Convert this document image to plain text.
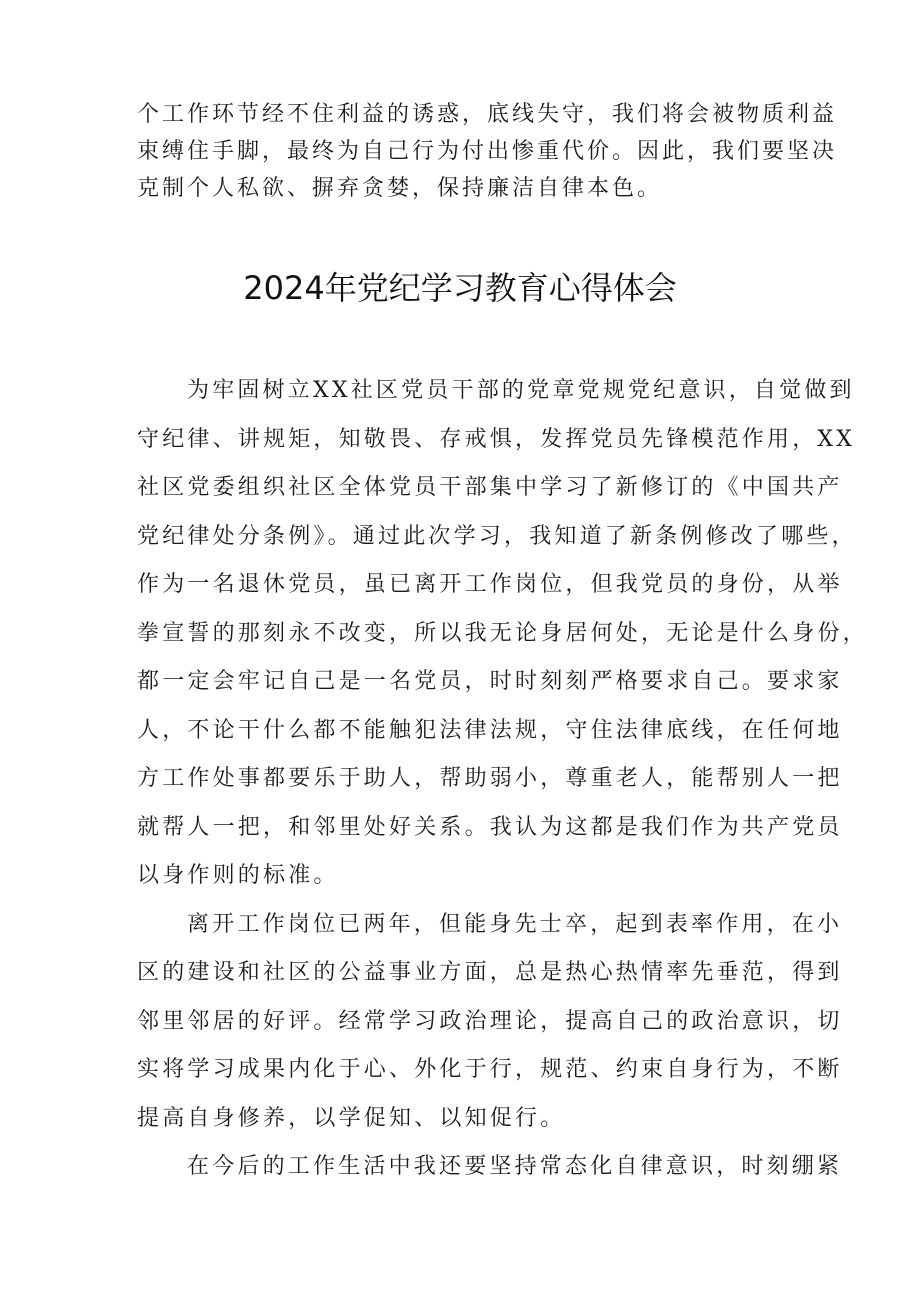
个工作环节经不住利益的诱惑，底线失守，我们将会被物质利益
束缚住手脚，最终为自己行为付出惨重代价。因此，我们要坚决
克制个人私欲、摒弃贪婪，保持廉洁自律本色。
2024年党纪学习教育心得体会
为牢固树立XX社区党员干部的党章党规党纪意识，自觉做到
守纪律、讲规矩，知敬畏、存戒惧，发挥党员先锋模范作用，XX
社区党委组织社区全体党员干部集中学习了新修订的《中国共产
党纪律处分条例》。通过此次学习，我知道了新条例修改了哪些，
作为一名退休党员，虽已离开工作岗位，但我党员的身份，从举
拳宣誓的那刻永不改变，所以我无论身居何处，无论是什么身份，
都一定会牢记自己是一名党员，时时刻刻严格要求自己。要求家
人，不论干什么都不能触犯法律法规，守住法律底线，在任何地
方工作处事都要乐于助人，帮助弱小，尊重老人，能帮别人一把
就帮人一把，和邻里处好关系。我认为这都是我们作为共产党员
以身作则的标准。
离开工作岗位已两年，但能身先士卒，起到表率作用，在小
区的建设和社区的公益事业方面，总是热心热情率先垂范，得到
邻里邻居的好评。经常学习政治理论，提高自己的政治意识，切
实将学习成果内化于心、外化于行，规范、约束自身行为，不断
提高自身修养，以学促知、以知促行。
在今后的工作生活中我还要坚持常态化自律意识，时刻绷紧
